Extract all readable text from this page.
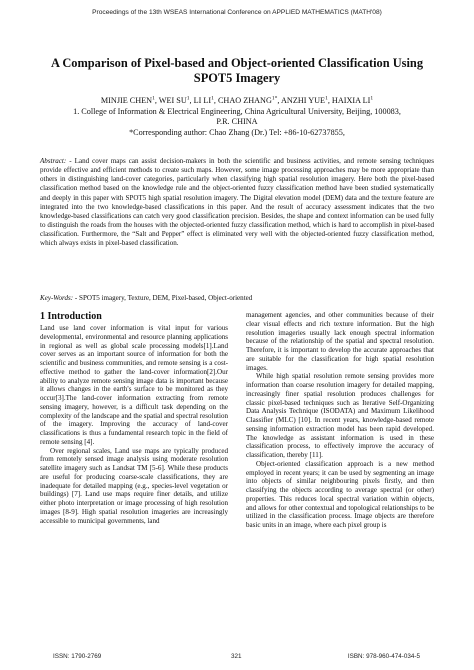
Proceedings of the 13th WSEAS International Conference on APPLIED MATHEMATICS (MATH'08)
A Comparison of Pixel-based and Object-oriented Classification Using SPOT5 Imagery
MINJIE CHEN$^1$, WEI $SU^1$, LI $LI^1$, CHAO $ZHANG^{1*}$, ANZHI YUE$^1$, HAIXIA $LI^1$
1. College of Information & Electrical Engineering, China Agricultural University, Beijing, 100083,
P.R. CHINA
*Corresponding author: Chao Zhang (Dr.) Tel: +86-10-62737855,
Abstract: - Land cover maps can assist decision-makers in both the scientific and business activities, and remote sensing techniques provide effective and efficient methods to create such maps. However, some image processing approaches may be more appropriate than others in distinguishing land-cover categories, particularly when classifying high spatial resolution imagery. Here both the pixel-based classification method based on the knowledge rule and the object-oriented fuzzy classification method have been studied systematically and deeply in this paper with SPOT5 high spatial resolution imagery. The Digital elevation model (DEM) data and the texture feature are integrated into the two knowledge-based classifications in this paper. And the result of accuracy assessment indicates that the two knowledge-based classifications can catch very good classification precision. Besides, the shape and context information can be used fully to distinguish the roads from the houses with the objected-oriented fuzzy classification method, which is hard to accomplish in pixel-based classification. Furthermore, the “Salt and Pepper” effect is eliminated very well with the objected-oriented fuzzy classification method, which always exists in pixel-based classification.
Key-Words: - SPOT5 imagery, Texture, DEM, Pixel-based, Object-oriented
1 Introduction

Land use land cover information is vital input for various developmental, environmental and resource planning applications in regional as well as global scale processing models[1].Land cover serves as an important source of information for both the scientific and business communities, and remote sensing is a cost-effective method to gather the land-cover information[2].Our ability to analyze remote sensing image data is important because it allows changes in the earth's surface to be monitored as they occur[3].The land-cover information extracting from remote sensing imagery, however, is a difficult task depending on the complexity of the landscape and the spatial and spectral resolution of the imagery. Improving the accuracy of land-cover classifications is thus a fundamental research topic in the field of remote sensing [4].

Over regional scales, Land use maps are typically produced from remotely sensed image analysis using moderate resolution satellite imagery such as Landsat TM [5-6]. While these products are useful for producing coarse-scale classifications, they are inadequate for detailed mapping (e.g., species-level vegetation or buildings) [7]. Land use maps require finer details, and utilize either photo interpretation or image processing of high resolution images [8-9]. High spatial resolution imageries are increasingly accessible to municipal governments, land

management agencies, and other communities because of their clear visual effects and rich texture information. But the high resolution imageries usually lack enough spectral information because of the relationship of the spatial and spectral resolution. Therefore, it is important to develop the accurate approaches that are suitable for the classification for high spatial resolution images.

While high spatial resolution remote sensing provides more information than coarse resolution imagery for detailed mapping, increasingly finer spatial resolution produces challenges for classic pixel-based techniques such as Iterative Self-Organizing Data Analysis Technique (ISODATA) and Maximum Likelihood Classifier (MLC) [10]. In recent years, knowledge-based remote sensing information extraction model has been rapid developed. The knowledge as assistant information is used in these classification process, to effectively improve the accuracy of classification, thereby [11].

Object-oriented classification approach is a new method employed in recent years; it can be used by segmenting an image into objects of similar neighbouring pixels firstly, and then classifying the objects according to average spectral (or other) properties. This reduces local spectral variation within objects, and allows for other contextual and topological relationships to be utilized in the classification process. Image objects are therefore basic units in an image, where each pixel group is

ISSN: 1790-2769	321	ISBN: 978-960-474-034-5
